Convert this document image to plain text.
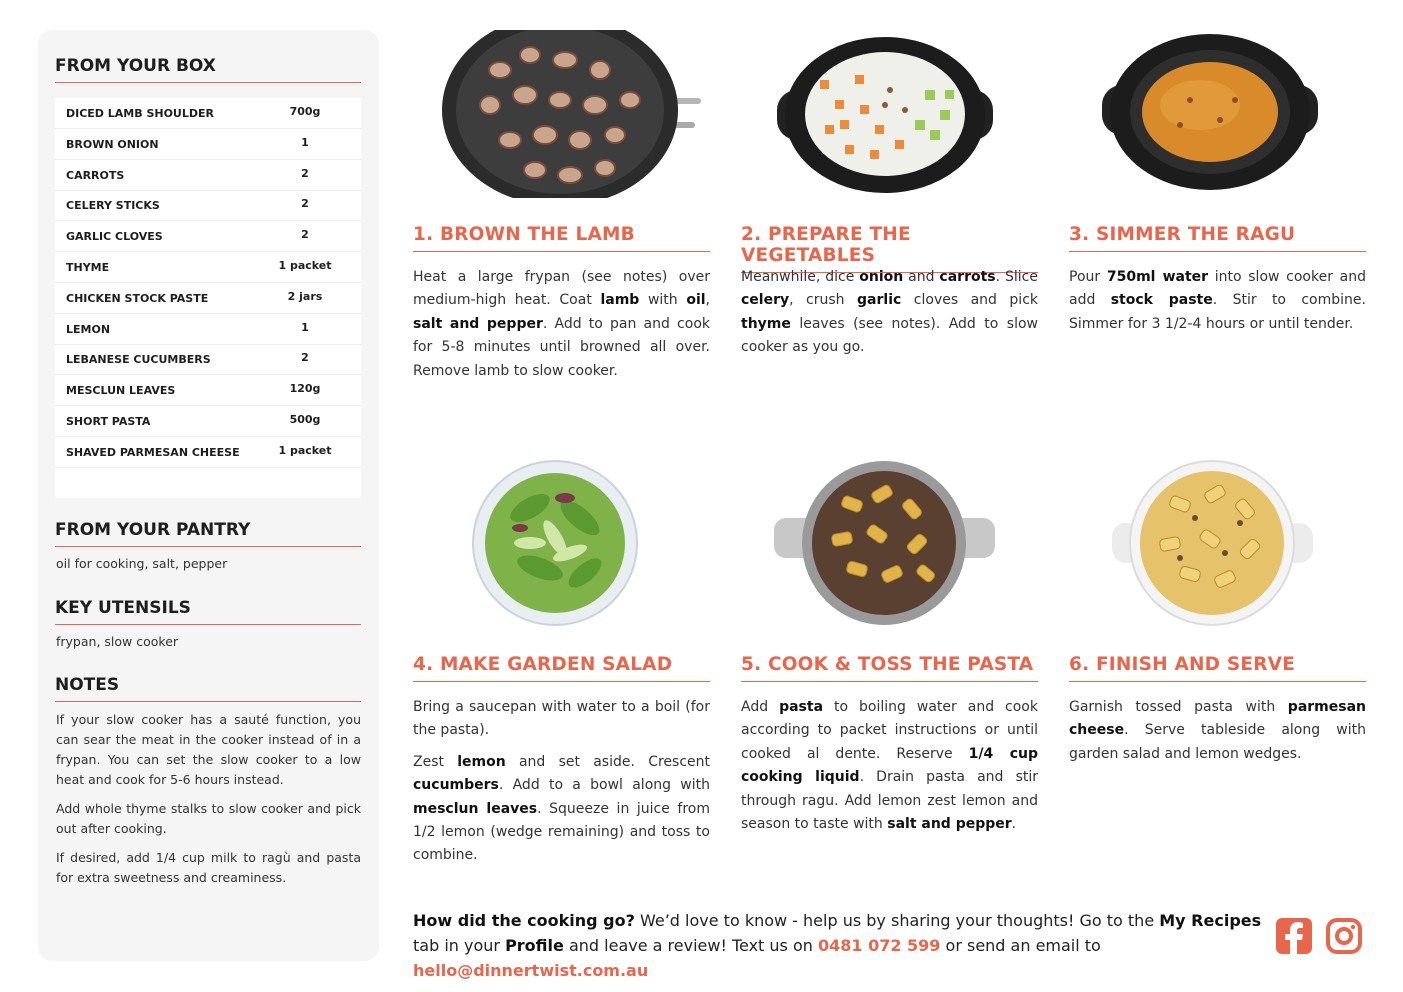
FROM YOUR BOX
DICED LAMB SHOULDER	700g
BROWN ONION	1
CARROTS	2
CELERY STICKS	2
GARLIC CLOVES	2
THYME	1 packet
CHICKEN STOCK PASTE	2 jars
LEMON	1
LEBANESE CUCUMBERS	2
MESCLUN LEAVES	120g
SHORT PASTA	500g
SHAVED PARMESAN CHEESE	1 packet
FROM YOUR PANTRY
oil for cooking, salt, pepper
KEY UTENSILS
frypan, slow cooker
NOTES

If your slow cooker has a sauté function, you can sear the meat in the cooker instead of in a frypan. You can set the slow cooker to a low heat and cook for 5-6 hours instead.

Add whole thyme stalks to slow cooker and pick out after cooking.

If desired, add 1/4 cup milk to ragù and pasta for extra sweetness and creaminess.

1. BROWN THE LAMB	2. PREPARE THE VEGETABLES
3. SIMMER THE RAGU
4. MAKE GARDEN SALAD	5. COOK & TOSS THE PASTA 6. FINISH AND SERVE

Heat a large frypan (see notes) over medium-high heat. Coat lamb with oil, salt and pepper. Add to pan and cook for 5-8 minutes until browned all over. Remove lamb to slow cooker.

Meanwhile, dice onion and carrots. Slice celery, crush garlic cloves and pick thyme leaves (see notes). Add to slow cooker as you go.

Pour 750ml water into slow cooker and add stock paste. Stir to combine. Simmer for 3 1/2-4 hours or until tender.

Bring a saucepan with water to a boil (for the pasta).

Zest lemon and set aside. Crescent cucumbers. Add to a bowl along with mesclun leaves. Squeeze in juice from 1/2 lemon (wedge remaining) and toss to combine.

Add pasta to boiling water and cook according to packet instructions or until cooked al dente. Reserve 1/4 cup cooking liquid. Drain pasta and stir through ragu. Add lemon zest lemon and season to taste with salt and pepper.

Garnish tossed pasta with parmesan cheese. Serve tableside along with garden salad and lemon wedges.

How did the cooking go? We’d love to know - help us by sharing your thoughts! Go to the My Recipes tab in your Profile and leave a review! Text us on 0481 072 599 or send an email to hello@dinnertwist.com.au
